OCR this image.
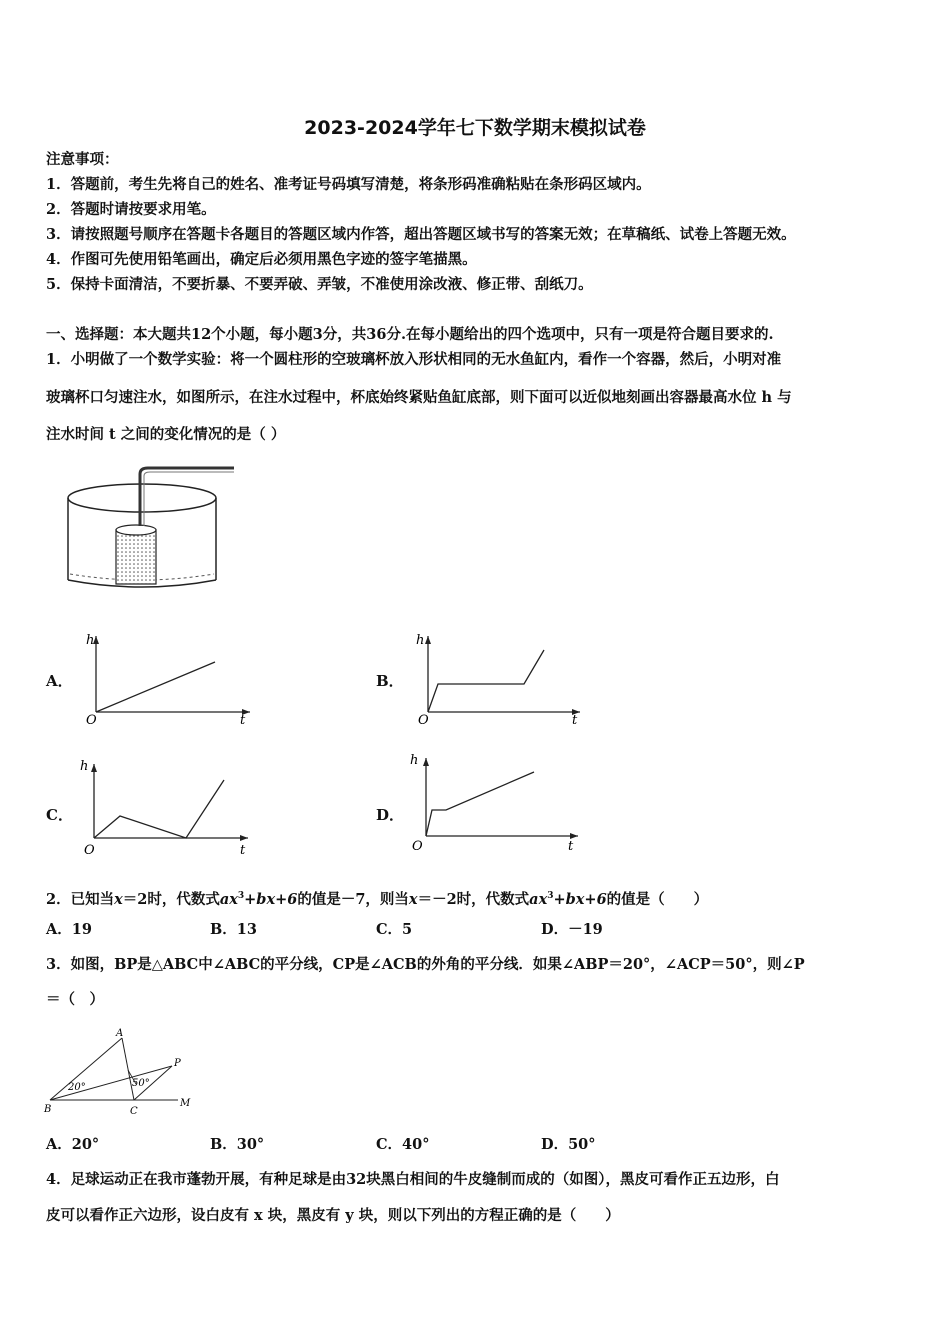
2023-2024学年七下数学期末模拟试卷
注意事项：
1．答题前，考生先将自己的姓名、准考证号码填写清楚，将条形码准确粘贴在条形码区域内。
2．答题时请按要求用笔。
3．请按照题号顺序在答题卡各题目的答题区域内作答，超出答题区域书写的答案无效；在草稿纸、试卷上答题无效。
4．作图可先使用铅笔画出，确定后必须用黑色字迹的签字笔描黑。
5．保持卡面清洁，不要折暴、不要弄破、弄皱，不准使用涂改液、修正带、刮纸刀。
一、选择题：本大题共12个小题，每小题3分，共36分.在每小题给出的四个选项中，只有一项是符合题目要求的.
1．小明做了一个数学实验：将一个圆柱形的空玻璃杯放入形状相同的无水鱼缸内，看作一个容器，然后，小明对准
玻璃杯口匀速注水，如图所示，在注水过程中，杯底始终紧贴鱼缸底部，则下面可以近似地刻画出容器最高水位 h 与
注水时间 t 之间的变化情况的是（ ）
A．
h
t
O
B．
h
t
O
C．
h
t
O
D．
h
t
O
2．已知当x＝2时，代数式$ax^3+bx+6$的值是－7，则当x＝－2时，代数式$ax^3+bx+6$的值是（　　）
A．19	B．13	C．5	D．－19
3．如图，BP是△ABC中∠ABC的平分线，CP是∠ACB的外角的平分线．如果∠ABP＝20°，∠ACP＝50°，则∠P
＝（　）
A
B	C
P
M
20°	50°
A．20°	B．30°	C．40°	D．50°
4．足球运动正在我市蓬勃开展，有种足球是由32块黑白相间的牛皮缝制而成的（如图），黑皮可看作正五边形，白
皮可以看作正六边形，设白皮有 x 块，黑皮有 y 块，则以下列出的方程正确的是（　　）
